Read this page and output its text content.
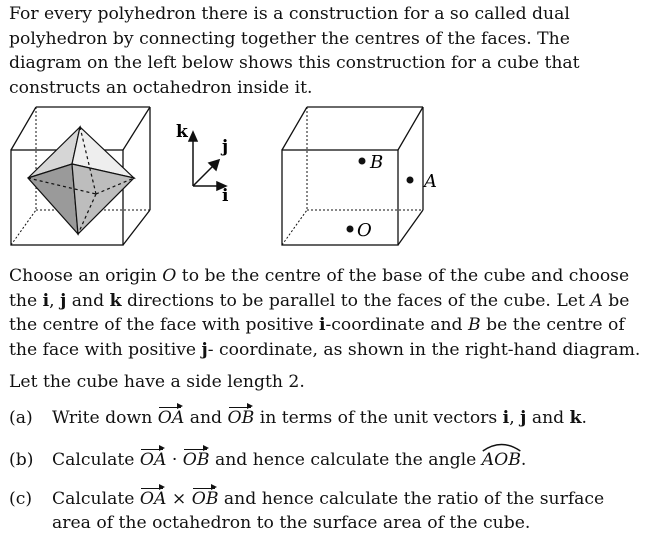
For every polyhedron there is a construction for a so called dual
polyhedron by connecting together the centres of the faces. The
diagram on the left below shows this construction for a cube that
constructs an octahedron inside it.
k
j
i
B
A
O
Choose an origin O to be the centre of the base of the cube and choose
the i, j and k directions to be parallel to the faces of the cube. Let A be
the centre of the face with positive i-coordinate and B be the centre of
the face with positive j- coordinate, as shown in the right-hand diagram.
Let the cube have a side length 2.
(a) Write down OA and OB in terms of the unit vectors i, j and k.
(b) Calculate OA · OB and hence calculate the angle
AOB.
(c) Calculate OA × OB and hence calculate the ratio of the surface
area of the octahedron to the surface area of the cube.
